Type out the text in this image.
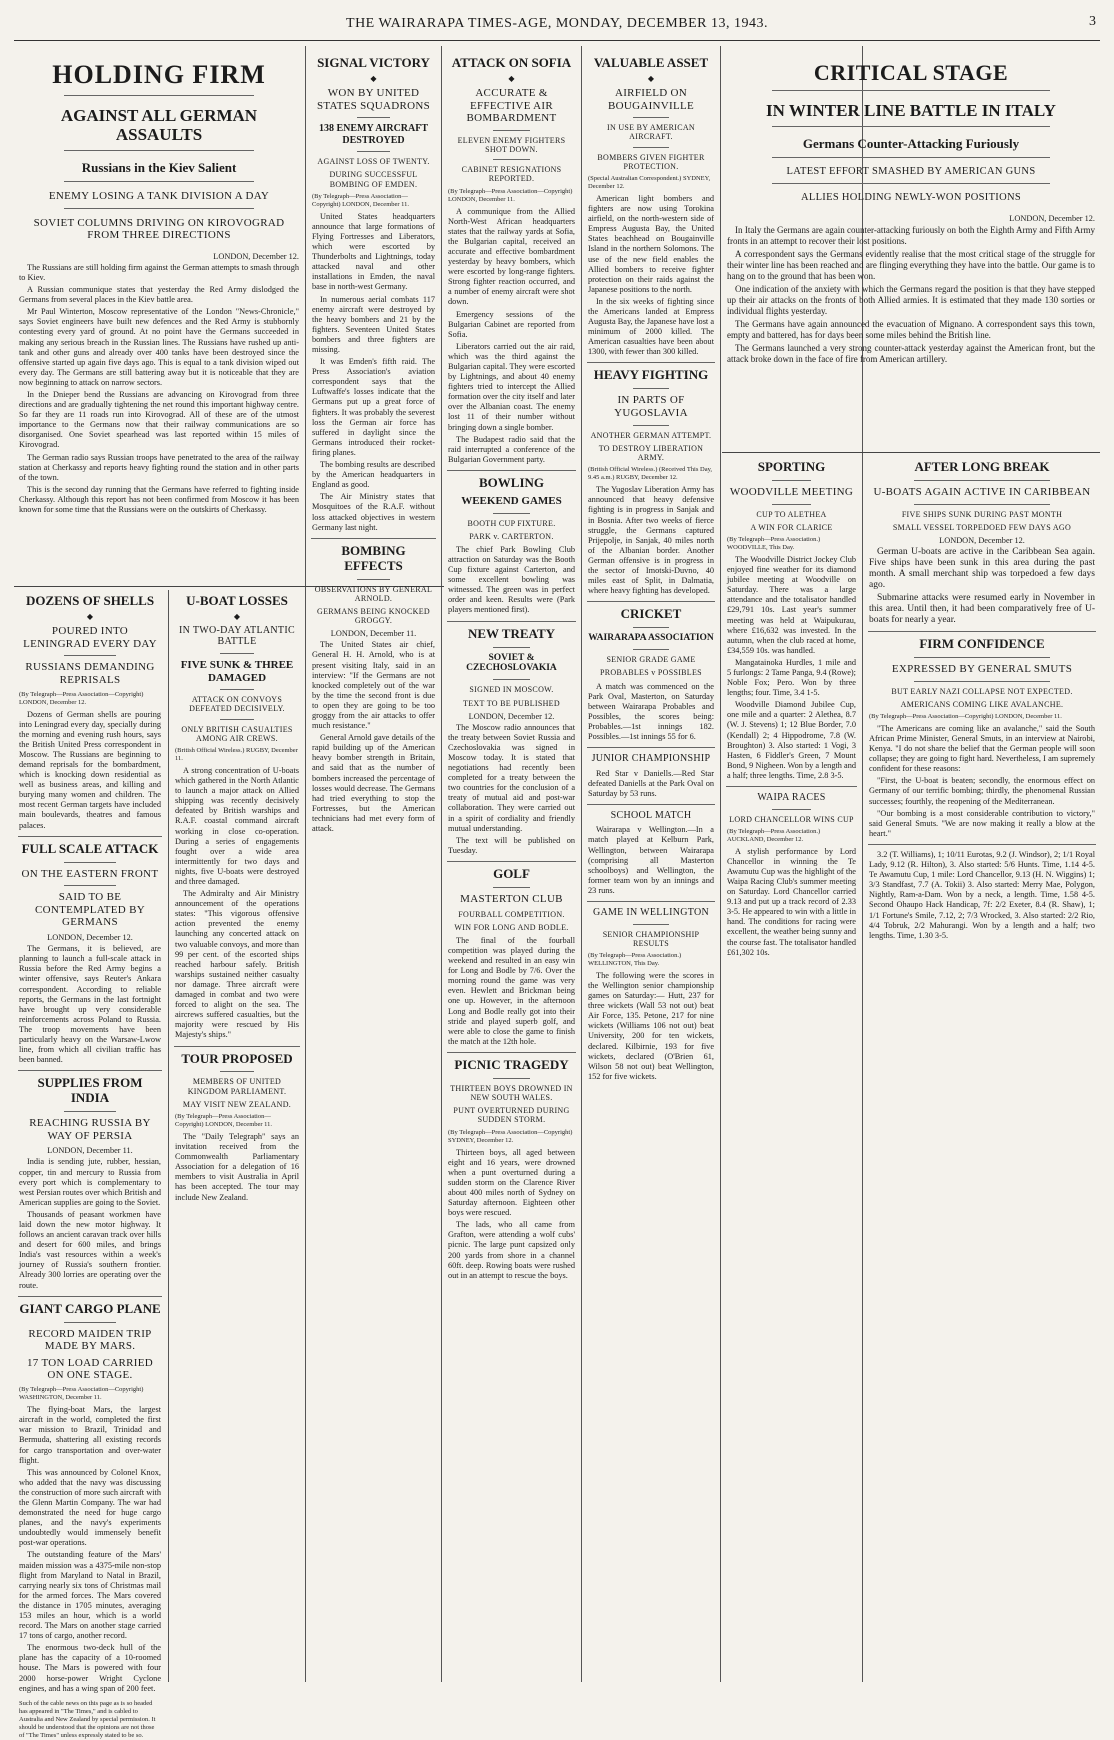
THE WAIRARAPA TIMES-AGE, MONDAY, DECEMBER 13, 1943.	3
HOLDING FIRM
AGAINST ALL GERMAN ASSAULTS
Russians in the Kiev Salient
ENEMY LOSING A TANK DIVISION A DAY
SOVIET COLUMNS DRIVING ON KIROVOGRAD FROM THREE DIRECTIONS
LONDON, December 12.

The Russians are still holding firm against the German attempts to smash through to Kiev.

A Russian communique states that yesterday the Red Army dislodged the Germans from several places in the Kiev battle area.

Mr Paul Winterton, Moscow representative of the London "News-Chronicle," says Soviet engineers have built new defences and the Red Army is stubbornly contesting every yard of ground. At no point have the Germans succeeded in making any serious breach in the Russian lines. The Russians have rushed up anti-tank and other guns and already over 400 tanks have been destroyed since the offensive started up again five days ago. This is equal to a tank division wiped out every day. The Germans are still battering away but it is noticeable that they are now beginning to attack on narrow sectors.

In the Dnieper bend the Russians are advancing on Kirovograd from three directions and are gradually tightening the net round this important highway centre. So far they are 11 roads run into Kirovograd. All of these are of the utmost importance to the Germans now that their railway communications are so disorganised. One Soviet spearhead was last reported within 15 miles of Kirovograd.

The German radio says Russian troops have penetrated to the area of the railway station at Cherkassy and reports heavy fighting round the station and in other parts of the town.

This is the second day running that the Germans have referred to fighting inside Cherkassy. Although this report has not been confirmed from Moscow it has been known for some time that the Russians were on the outskirts of Cherkassy.

DOZENS OF SHELLS
◆
POURED INTO LENINGRAD EVERY DAY
RUSSIANS DEMANDING REPRISALS
(By Telegraph—Press Association—Copyright) LONDON, December 12.

Dozens of German shells are pouring into Leningrad every day, specially during the morning and evening rush hours, says the British United Press correspondent in Moscow. The Russians are beginning to demand reprisals for the bombardment, which is knocking down residential as well as business areas, and killing and burying many women and children. The most recent German targets have included main boulevards, theatres and famous palaces.

FULL SCALE ATTACK
ON THE EASTERN FRONT
SAID TO BE CONTEMPLATED BY GERMANS
LONDON, December 12.

The Germans, it is believed, are planning to launch a full-scale attack in Russia before the Red Army begins a winter offensive, says Reuter's Ankara correspondent. According to reliable reports, the Germans in the last fortnight have brought up very considerable reinforcements across Poland to Russia. The troop movements have been particularly heavy on the Warsaw-Lwow line, from which all civilian traffic has been banned.

SUPPLIES FROM INDIA
REACHING RUSSIA BY WAY OF PERSIA
LONDON, December 11.

India is sending jute, rubber, hessian, copper, tin and mercury to Russia from every port which is complementary to west Persian routes over which British and American supplies are going to the Soviet.

Thousands of peasant workmen have laid down the new motor highway. It follows an ancient caravan track over hills and desert for 600 miles, and brings India's vast resources within a week's journey of Russia's southern frontier. Already 300 lorries are operating over the route.

GIANT CARGO PLANE
RECORD MAIDEN TRIP MADE BY MARS.
17 TON LOAD CARRIED ON ONE STAGE.
(By Telegraph—Press Association—Copyright) WASHINGTON, December 11.

The flying-boat Mars, the largest aircraft in the world, completed the first war mission to Brazil, Trinidad and Bermuda, shattering all existing records for cargo transportation and over-water flight.

This was announced by Colonel Knox, who added that the navy was discussing the construction of more such aircraft with the Glenn Martin Company. The war had demonstrated the need for huge cargo planes, and the navy's experiments undoubtedly would immensely benefit post-war operations.

The outstanding feature of the Mars' maiden mission was a 4375-mile non-stop flight from Maryland to Natal in Brazil, carrying nearly six tons of Christmas mail for the armed forces. The Mars covered the distance in 1705 minutes, averaging 153 miles an hour, which is a world record. The Mars on another stage carried 17 tons of cargo, another record.

The enormous two-deck hull of the plane has the capacity of a 10-roomed house. The Mars is powered with four 2000 horse-power Wright Cyclone engines, and has a wing span of 200 feet.

Such of the cable news on this page as is so headed has appeared in "The Times," and is cabled to Australia and New Zealand by special permission. It should be understood that the opinions are not those of "The Times" unless expressly stated to be so.
U-BOAT LOSSES
◆
IN TWO-DAY ATLANTIC BATTLE
FIVE SUNK & THREE DAMAGED
ATTACK ON CONVOYS DEFEATED DECISIVELY.
ONLY BRITISH CASUALTIES AMONG AIR CREWS.
(British Official Wireless.) RUGBY, December 11.

A strong concentration of U-boats which gathered in the North Atlantic to launch a major attack on Allied shipping was recently decisively defeated by British warships and R.A.F. coastal command aircraft working in close co-operation. During a series of engagements fought over a wide area intermittently for two days and nights, five U-boats were destroyed and three damaged.

The Admiralty and Air Ministry announcement of the operations states: "This vigorous offensive action prevented the enemy launching any concerted attack on two valuable convoys, and more than 99 per cent. of the escorted ships reached harbour safely. British warships sustained neither casualty nor damage. Three aircraft were damaged in combat and two were forced to alight on the sea. The aircrews suffered casualties, but the majority were rescued by His Majesty's ships."

TOUR PROPOSED
MEMBERS OF UNITED KINGDOM PARLIAMENT.
MAY VISIT NEW ZEALAND.
(By Telegraph—Press Association—Copyright) LONDON, December 11.

The "Daily Telegraph" says an invitation received from the Commonwealth Parliamentary Association for a delegation of 16 members to visit Australia in April has been accepted. The tour may include New Zealand.

SIGNAL VICTORY
◆
WON BY UNITED STATES SQUADRONS
138 ENEMY AIRCRAFT DESTROYED
AGAINST LOSS OF TWENTY.
DURING SUCCESSFUL BOMBING OF EMDEN.
(By Telegraph—Press Association—Copyright) LONDON, December 11.

United States headquarters announce that large formations of Flying Fortresses and Liberators, which were escorted by Thunderbolts and Lightnings, today attacked naval and other installations in Emden, the naval base in north-west Germany.

In numerous aerial combats 117 enemy aircraft were destroyed by the heavy bombers and 21 by the fighters. Seventeen United States bombers and three fighters are missing.

It was Emden's fifth raid. The Press Association's aviation correspondent says that the Luftwaffe's losses indicate that the Germans put up a great force of fighters. It was probably the severest loss the German air force has suffered in daylight since the Germans introduced their rocket-firing planes.

The bombing results are described by the American headquarters in England as good.

The Air Ministry states that Mosquitoes of the R.A.F. without loss attacked objectives in western Germany last night.

BOMBING EFFECTS
OBSERVATIONS BY GENERAL ARNOLD.
GERMANS BEING KNOCKED GROGGY.
LONDON, December 11.

The United States air chief, General H. H. Arnold, who is at present visiting Italy, said in an interview: "If the Germans are not knocked completely out of the war by the time the second front is due to open they are going to be too groggy from the air attacks to offer much resistance."

General Arnold gave details of the rapid building up of the American heavy bomber strength in Britain, and said that as the number of bombers increased the percentage of losses would decrease. The Germans had tried everything to stop the Fortresses, but the American technicians had met every form of attack.

ATTACK ON SOFIA
◆
ACCURATE & EFFECTIVE AIR BOMBARDMENT
ELEVEN ENEMY FIGHTERS SHOT DOWN.
CABINET RESIGNATIONS REPORTED.
(By Telegraph—Press Association—Copyright) LONDON, December 11.

A communique from the Allied North-West African headquarters states that the railway yards at Sofia, the Bulgarian capital, received an accurate and effective bombardment yesterday by heavy bombers, which were escorted by long-range fighters. Strong fighter reaction occurred, and a number of enemy aircraft were shot down.

Emergency sessions of the Bulgarian Cabinet are reported from Sofia.

Liberators carried out the air raid, which was the third against the Bulgarian capital. They were escorted by Lightnings, and about 40 enemy fighters tried to intercept the Allied formation over the city itself and later over the Albanian coast. The enemy lost 11 of their number without bringing down a single bomber.

The Budapest radio said that the raid interrupted a conference of the Bulgarian Government party.

BOWLING
WEEKEND GAMES
BOOTH CUP FIXTURE.
PARK v. CARTERTON.

The chief Park Bowling Club attraction on Saturday was the Booth Cup fixture against Carterton, and some excellent bowling was witnessed. The green was in perfect order and keen. Results were (Park players mentioned first).

NEW TREATY
SOVIET & CZECHOSLOVAKIA
SIGNED IN MOSCOW.
TEXT TO BE PUBLISHED
LONDON, December 12.

The Moscow radio announces that the treaty between Soviet Russia and Czechoslovakia was signed in Moscow today. It is stated that negotiations had recently been completed for a treaty between the two countries for the conclusion of a treaty of mutual aid and post-war collaboration. They were carried out in a spirit of cordiality and friendly mutual understanding.

The text will be published on Tuesday.

GOLF
MASTERTON CLUB
FOURBALL COMPETITION.
WIN FOR LONG AND BODLE.

The final of the fourball competition was played during the weekend and resulted in an easy win for Long and Bodle by 7/6. Over the morning round the game was very even. Hewlett and Brickman being one up. However, in the afternoon Long and Bodle really got into their stride and played superb golf, and were able to close the game to finish the match at the 12th hole.

PICNIC TRAGEDY
THIRTEEN BOYS DROWNED IN NEW SOUTH WALES.
PUNT OVERTURNED DURING SUDDEN STORM.
(By Telegraph—Press Association—Copyright) SYDNEY, December 12.

Thirteen boys, all aged between eight and 16 years, were drowned when a punt overturned during a sudden storm on the Clarence River about 400 miles north of Sydney on Saturday afternoon. Eighteen other boys were rescued.

The lads, who all came from Grafton, were attending a wolf cubs' picnic. The large punt capsized only 200 yards from shore in a channel 60ft. deep. Rowing boats were rushed out in an attempt to rescue the boys.

VALUABLE ASSET
◆
AIRFIELD ON BOUGAINVILLE
IN USE BY AMERICAN AIRCRAFT.
BOMBERS GIVEN FIGHTER PROTECTION.
(Special Australian Correspondent.) SYDNEY, December 12.

American light bombers and fighters are now using Torokina airfield, on the north-western side of Empress Augusta Bay, the United States beachhead on Bougainville Island in the northern Solomons. The use of the new field enables the Allied bombers to receive fighter protection on their raids against the Japanese positions to the north.

In the six weeks of fighting since the Americans landed at Empress Augusta Bay, the Japanese have lost a minimum of 2000 killed. The American casualties have been about 1300, with fewer than 300 killed.

HEAVY FIGHTING
IN PARTS OF YUGOSLAVIA
ANOTHER GERMAN ATTEMPT.
TO DESTROY LIBERATION ARMY.
(British Official Wireless.) (Received This Day, 9.45 a.m.) RUGBY, December 12.

The Yugoslav Liberation Army has announced that heavy defensive fighting is in progress in Sanjak and in Bosnia. After two weeks of fierce struggle, the Germans captured Prijepolje, in Sanjak, 40 miles north of the Albanian border. Another German offensive is in progress in the sector of Imotski-Duvno, 40 miles east of Split, in Dalmatia, where heavy fighting has developed.

CRICKET
WAIRARAPA ASSOCIATION
SENIOR GRADE GAME
PROBABLES v POSSIBLES

A match was commenced on the Park Oval, Masterton, on Saturday between Wairarapa Probables and Possibles, the scores being: Probables.—1st innings 182. Possibles.—1st innings 55 for 6.

JUNIOR CHAMPIONSHIP

Red Star v Daniells.—Red Star defeated Daniells at the Park Oval on Saturday by 53 runs.

SCHOOL MATCH

Wairarapa v Wellington.—In a match played at Kelburn Park, Wellington, between Wairarapa (comprising all Masterton schoolboys) and Wellington, the former team won by an innings and 23 runs.

GAME IN WELLINGTON
SENIOR CHAMPIONSHIP RESULTS
(By Telegraph—Press Association.) WELLINGTON, This Day.

The following were the scores in the Wellington senior championship games on Saturday:— Hutt, 237 for three wickets (Wall 53 not out) beat Air Force, 135. Petone, 217 for nine wickets (Williams 106 not out) beat University, 200 for ten wickets, declared. Kilbirnie, 193 for five wickets, declared (O'Brien 61, Wilson 58 not out) beat Wellington, 152 for five wickets.

CRITICAL STAGE
IN WINTER LINE BATTLE IN ITALY
Germans Counter-Attacking Furiously
LATEST EFFORT SMASHED BY AMERICAN GUNS
ALLIES HOLDING NEWLY-WON POSITIONS
LONDON, December 12.

In Italy the Germans are again counter-attacking furiously on both the Eighth Army and Fifth Army fronts in an attempt to recover their lost positions.

A correspondent says the Germans evidently realise that the most critical stage of the struggle for their winter line has been reached and are flinging everything they have into the battle. Our game is to hang on to the ground that has been won.

One indication of the anxiety with which the Germans regard the position is that they have stepped up their air attacks on the fronts of both Allied armies. It is estimated that they made 130 sorties or individual flights yesterday.

The Germans have again announced the evacuation of Mignano. A correspondent says this town, empty and battered, has for days been some miles behind the British line.

The Germans launched a very strong counter-attack yesterday against the American front, but the attack broke down in the face of fire from American artillery.

SPORTING
WOODVILLE MEETING
CUP TO ALETHEA
A WIN FOR CLARICE
(By Telegraph—Press Association.) WOODVILLE, This Day.

The Woodville District Jockey Club enjoyed fine weather for its diamond jubilee meeting at Woodville on Saturday. There was a large attendance and the totalisator handled £29,791 10s. Last year's summer meeting was held at Waipukurau, where £16,632 was invested. In the autumn, when the club raced at home, £34,559 10s. was handled.

Mangatainoka Hurdles, 1 mile and 5 furlongs: 2 Tame Panga, 9.4 (Rowe); Noble Fox; Pero. Won by three lengths; four. Time, 3.4 1-5.

Woodville Diamond Jubilee Cup, one mile and a quarter: 2 Alethea, 8.7 (W. J. Stevens) 1; 12 Blue Border, 7.0 (Kendall) 2; 4 Hippodrome, 7.8 (W. Broughton) 3. Also started: 1 Vogi, 3 Hasten, 6 Fiddler's Green, 7 Mount Bond, 9 Nigheen. Won by a length and a half; three lengths. Time, 2.8 3-5.

WAIPA RACES
LORD CHANCELLOR WINS CUP
(By Telegraph—Press Association.) AUCKLAND, December 12.

A stylish performance by Lord Chancellor in winning the Te Awamutu Cup was the highlight of the Waipa Racing Club's summer meeting on Saturday. Lord Chancellor carried 9.13 and put up a track record of 2.33 3-5. He appeared to win with a little in hand. The conditions for racing were excellent, the weather being sunny and the course fast. The totalisator handled £61,302 10s.

AFTER LONG BREAK
U-BOATS AGAIN ACTIVE IN CARIBBEAN
FIVE SHIPS SUNK DURING PAST MONTH
SMALL VESSEL TORPEDOED FEW DAYS AGO
LONDON, December 12.

German U-boats are active in the Caribbean Sea again. Five ships have been sunk in this area during the past month. A small merchant ship was torpedoed a few days ago.

Submarine attacks were resumed early in November in this area. Until then, it had been comparatively free of U-boats for nearly a year.

FIRM CONFIDENCE
EXPRESSED BY GENERAL SMUTS
BUT EARLY NAZI COLLAPSE NOT EXPECTED.
AMERICANS COMING LIKE AVALANCHE.
(By Telegraph—Press Association—Copyright) LONDON, December 11.

"The Americans are coming like an avalanche," said the South African Prime Minister, General Smuts, in an interview at Nairobi, Kenya. "I do not share the belief that the German people will soon collapse; they are going to fight hard. Nevertheless, I am supremely confident for these reasons:

"First, the U-boat is beaten; secondly, the enormous effect on Germany of our terrific bombing; thirdly, the phenomenal Russian successes; fourthly, the reopening of the Mediterranean.

"Our bombing is a most considerable contribution to victory," said General Smuts. "We are now making it really a blow at the heart."

3.2 (T. Williams), 1; 10/11 Eurotas, 9.2 (J. Windsor), 2; 1/1 Royal Lady, 9.12 (R. Hilton), 3. Also started: 5/6 Hunts. Time, 1.14 4-5. Te Awamutu Cup, 1 mile: Lord Chancellor, 9.13 (H. N. Wiggins) 1; 3/3 Standfast, 7.7 (A. Tokii) 3. Also started: Merry Mae, Polygon, Nightly, Ram-a-Dam. Won by a neck, a length. Time, 1.58 4-5. Second Ohaupo Hack Handicap, 7f: 2/2 Exeter, 8.4 (R. Shaw), 1; 1/1 Fortune's Smile, 7.12, 2; 7/3 Wrocked, 3. Also started: 2/2 Rio, 4/4 Tobruk, 2/2 Mahurangi. Won by a length and a half; two lengths. Time, 1.30 3-5.
